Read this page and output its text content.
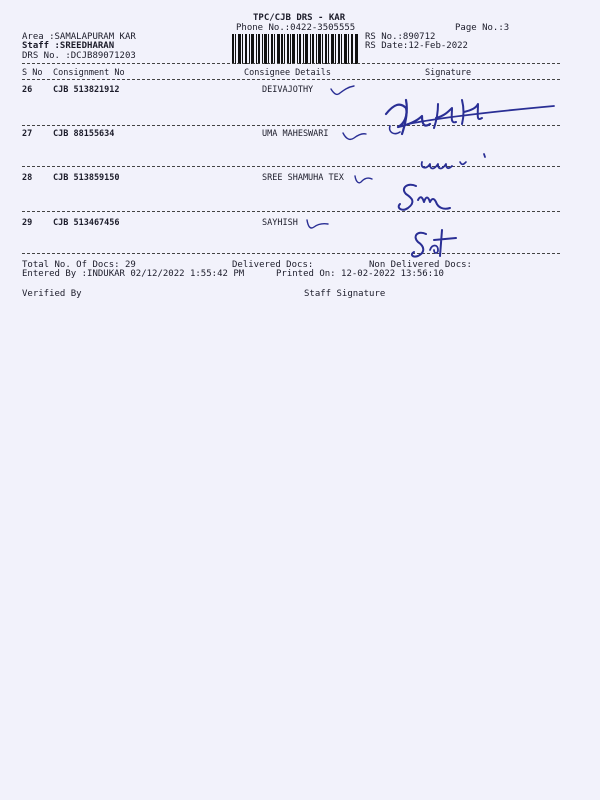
TPC/CJB DRS - KAR
Phone No.:0422-3505555	Page No.:3
Area :SAMALAPURAM KAR
Staff :SREEDHARAN
DRS No. :DCJB89071203
RS No.:890712
RS Date:12-Feb-2022
S No Consignment No	Consignee Details	Signature
26 CJB 513821912	DEIVAJOTHY
27 CJB 88155634	UMA MAHESWARI
28 CJB 513859150	SREE SHAMUHA TEX
29 CJB 513467456	SAYHISH
Total No. Of Docs: 29	Delivered Docs:	Non Delivered Docs:
Entered By :INDUKAR 02/12/2022 1:55:42 PM	Printed On: 12-02-2022 13:56:10
Verified By	Staff Signature
